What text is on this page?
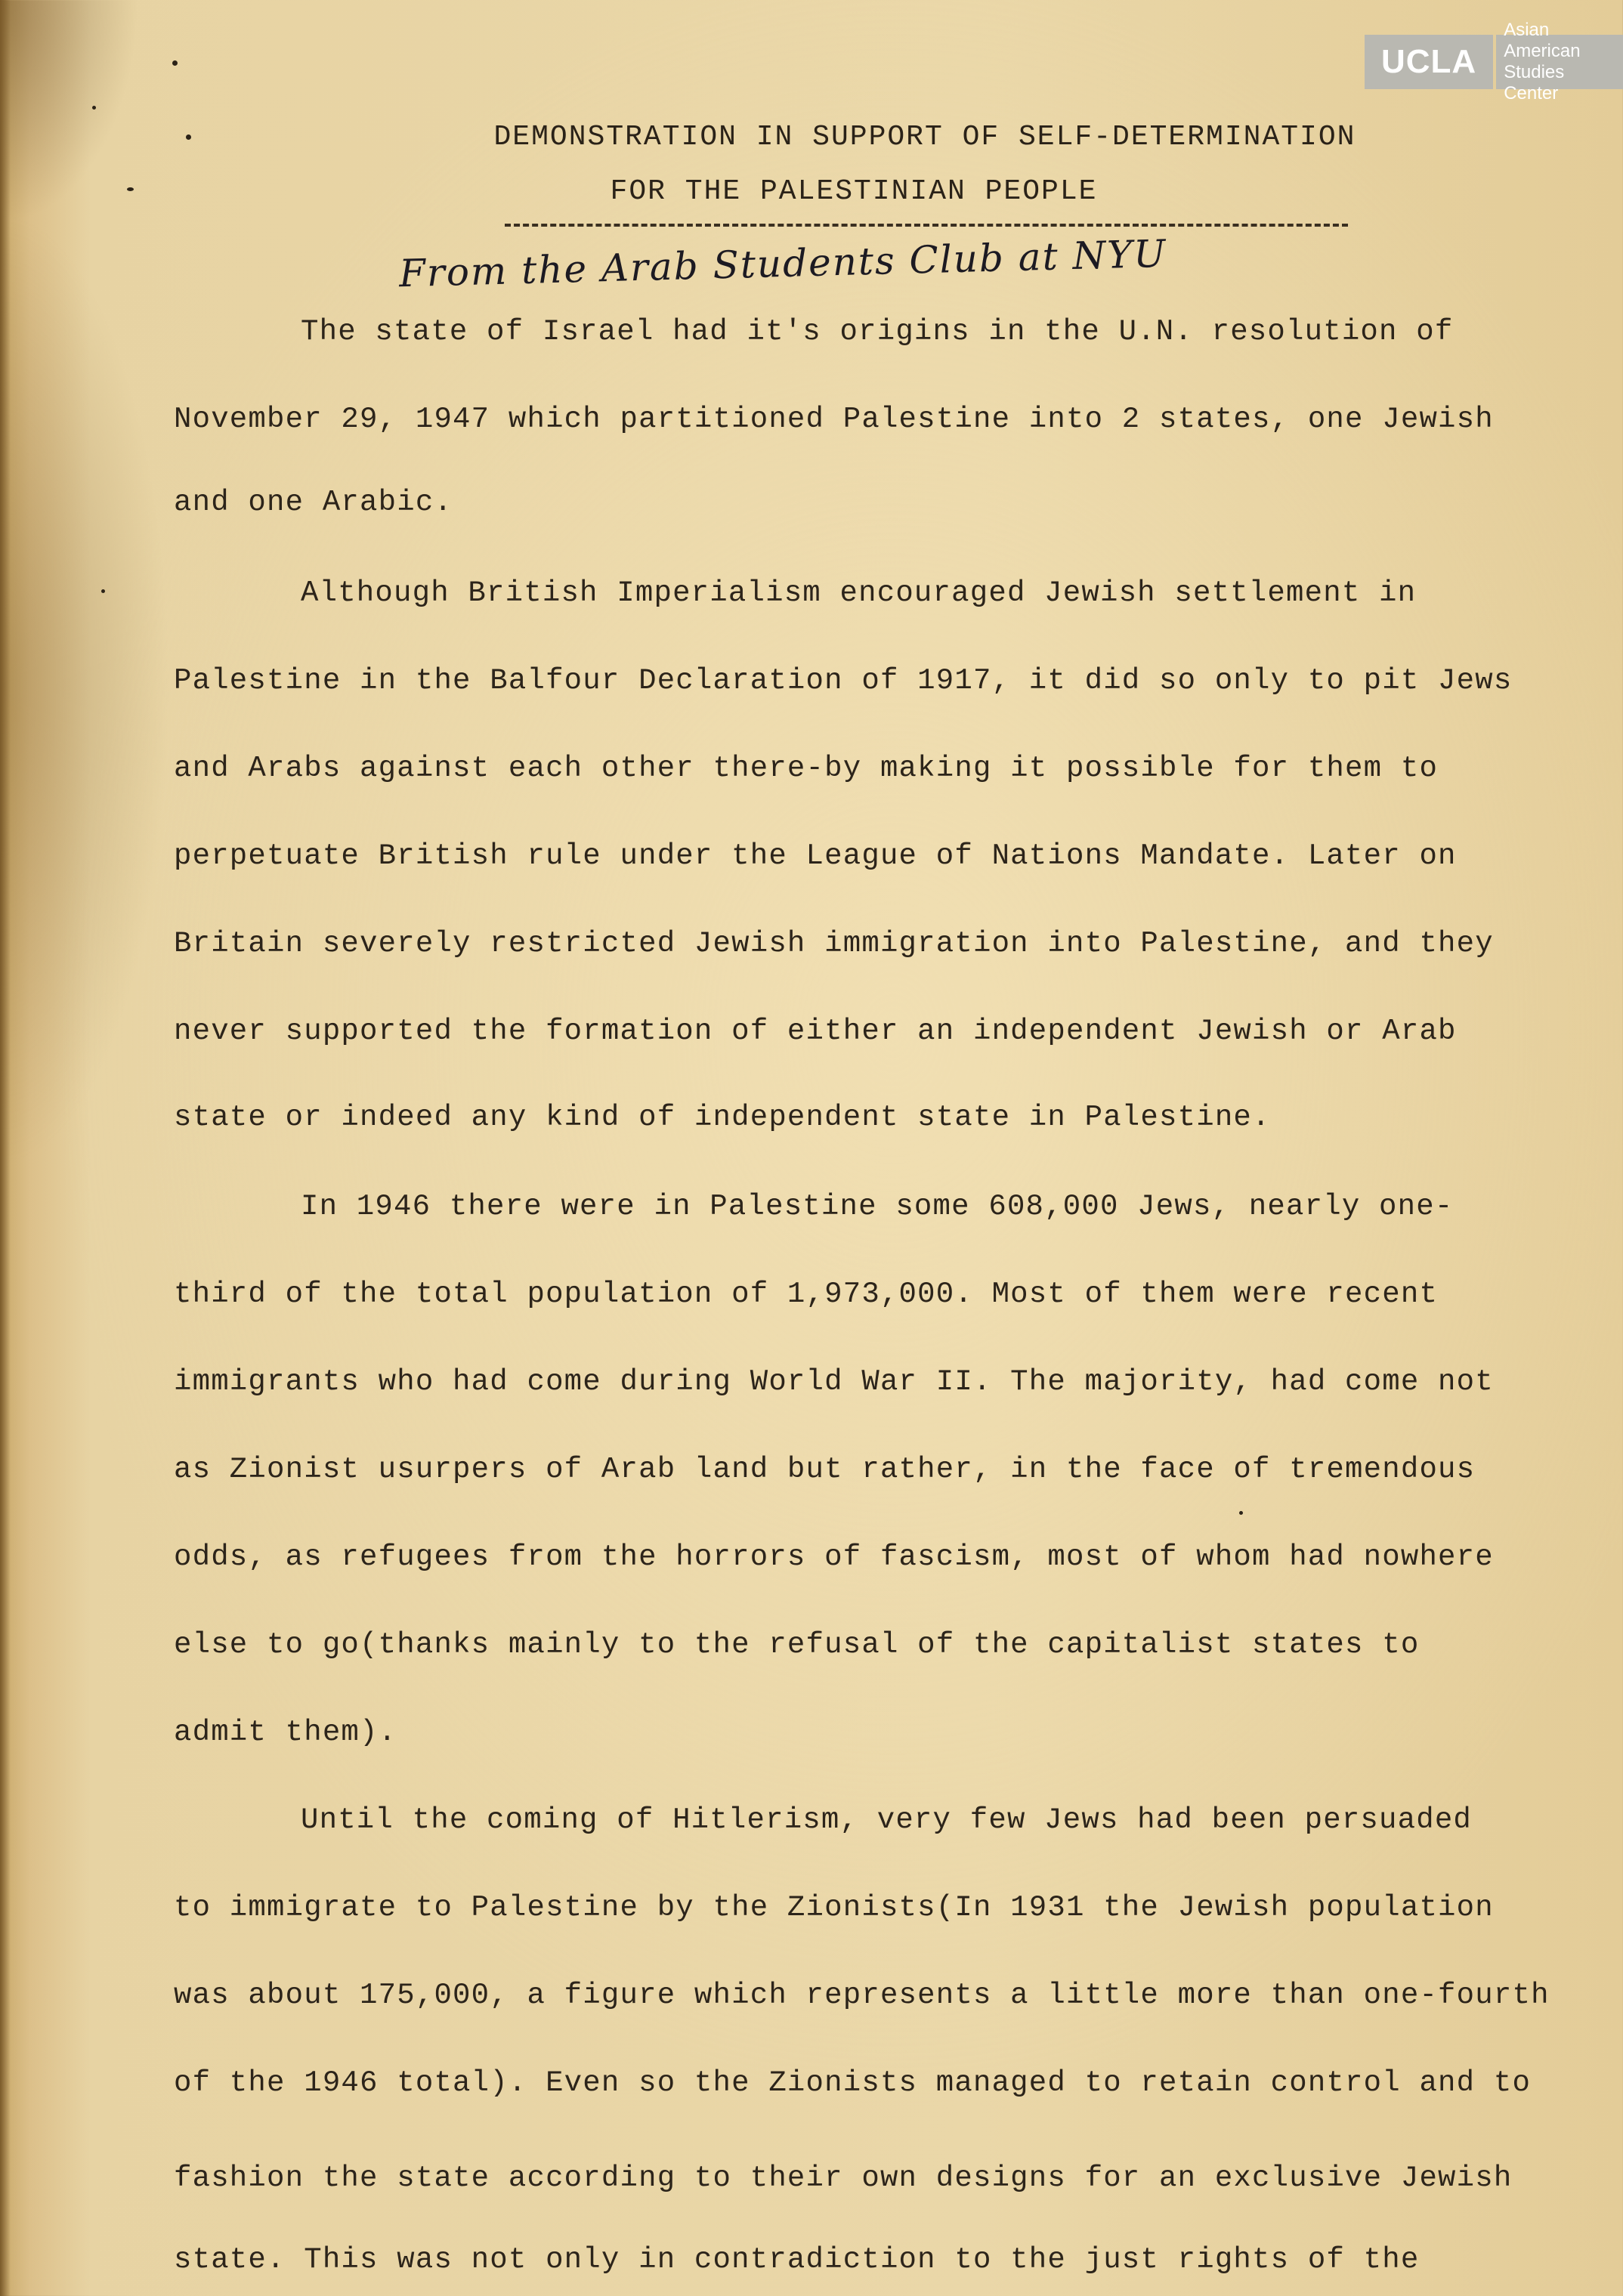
UCLA
Asian American
Studies Center
DEMONSTRATION IN SUPPORT OF SELF-DETERMINATION
FOR THE PALESTINIAN PEOPLE
From the Arab Students Club at NYU
The state of Israel had it's origins in the U.N. resolution of
November 29, 1947 which partitioned Palestine into 2 states, one Jewish
and one Arabic.
Although British Imperialism encouraged Jewish settlement in
Palestine in the Balfour Declaration of 1917, it did so only to pit Jews
and Arabs against each other there-by making it possible for them to
perpetuate British rule under the League of Nations Mandate. Later on
Britain severely restricted Jewish immigration into Palestine, and they
never supported the formation of either an independent Jewish or Arab
state or indeed any kind of independent state in Palestine.
In 1946 there were in Palestine some 608,000 Jews, nearly one-
third of the total population of 1,973,000. Most of them were recent
immigrants who had come during World War II. The majority, had come not
as Zionist usurpers of Arab land but rather, in the face of tremendous
odds, as refugees from the horrors of fascism, most of whom had nowhere
else to go(thanks mainly to the refusal of the capitalist states to
admit them).
Until the coming of Hitlerism, very few Jews had been persuaded
to immigrate to Palestine by the Zionists(In 1931 the Jewish population
was about 175,000, a figure which represents a little more than one-fourth
of the 1946 total). Even so the Zionists managed to retain control and to
fashion the state according to their own designs for an exclusive Jewish
state. This was not only in contradiction to the just rights of the
